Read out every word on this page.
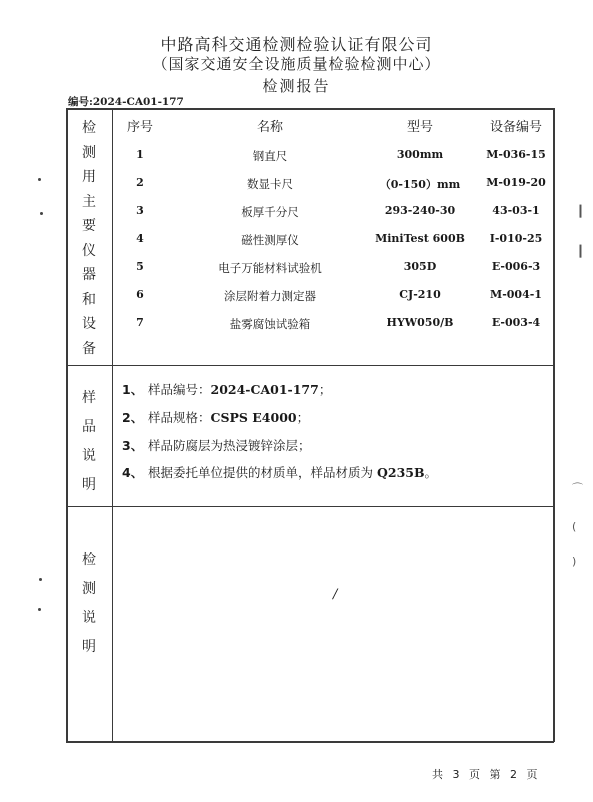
中路高科交通检测检验认证有限公司
（国家交通安全设施质量检验检测中心）
检测报告
编号:2024-CA01-177
检
测
用
主
要
仪
器
和
设
备
序号	名称	型号	设备编号
1	钢直尺	300mm	M-036-15
2	数显卡尺	（0-150）mm	M-019-20
3	板厚千分尺	293-240-30	43-03-1
4	磁性测厚仪	MiniTest 600B	I-010-25
5	电子万能材料试验机	305D	E-006-3
6	涂层附着力测定器	CJ-210	M-004-1
7	盐雾腐蚀试验箱	HYW050/B	E-003-4
样
品
说
明
1、 样品编号：2024-CA01-177；
2、 样品规格：CSPS E4000；
3、 样品防腐层为热浸镀锌涂层；
4、 根据委托单位提供的材质单，样品材质为 Q235B。
检
测
说
明
/
共 3 页 第 2 页
▕▏
▕▏
⌒
(
)
